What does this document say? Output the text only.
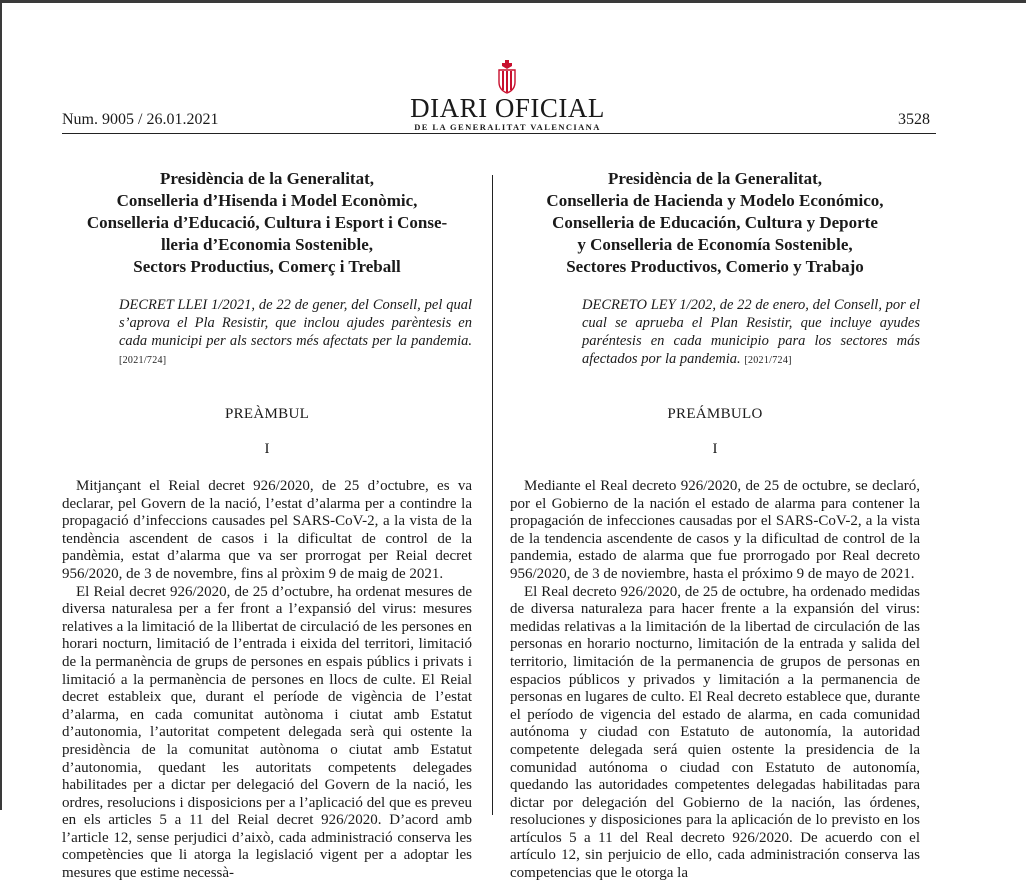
Num. 9005 / 26.01.2021	DIARI OFICIAL
DE LA GENERALITAT VALENCIANA	3528
Presidència de la Generalitat,
Conselleria d’Hisenda i Model Econòmic,
Conselleria d’Educació, Cultura i Esport i Conse-
lleria d’Economia Sostenible,
Sectors Productius, Comerç i Treball
DECRET LLEI 1/2021, de 22 de gener, del Consell, pel qual s’aprova el Pla Resistir, que inclou ajudes parèntesis en cada municipi per als sectors més afectats per la pandemia. [2021/724]
PREÀMBUL
I

Mitjançant el Reial decret 926/2020, de 25 d’octubre, es va declarar, pel Govern de la nació, l’estat d’alarma per a contindre la propagació d’infeccions causades pel SARS-CoV-2, a la vista de la tendència ascendent de casos i la dificultat de control de la pandèmia, estat d’alarma que va ser prorrogat per Reial decret 956/2020, de 3 de novembre, fins al pròxim 9 de maig de 2021.

El Reial decret 926/2020, de 25 d’octubre, ha ordenat mesures de diversa naturalesa per a fer front a l’expansió del virus: mesures relatives a la limitació de la llibertat de circulació de les persones en horari nocturn, limitació de l’entrada i eixida del territori, limitació de la permanència de grups de persones en espais públics i privats i limitació a la permanència de persones en llocs de culte. El Reial decret estableix que, durant el període de vigència de l’estat d’alarma, en cada comunitat autònoma i ciutat amb Estatut d’autonomia, l’autoritat competent delegada serà qui ostente la presidència de la comunitat autònoma o ciutat amb Estatut d’autonomia, quedant les autoritats competents delegades habilitades per a dictar per delegació del Govern de la nació, les ordres, resolucions i disposicions per a l’aplicació del que es preveu en els articles 5 a 11 del Reial decret 926/2020. D’acord amb l’article 12, sense perjudici d’això, cada administració conserva les competències que li atorga la legislació vigent per a adoptar les mesures que estime necessà-

Presidència de la Generalitat,
Conselleria de Hacienda y Modelo Económico,
Conselleria de Educación, Cultura y Deporte
y Conselleria de Economía Sostenible,
Sectores Productivos, Comerio y Trabajo
DECRETO LEY 1/202, de 22 de enero, del Consell, por el cual se aprueba el Plan Resistir, que incluye ayudes paréntesis en cada municipio para los sectores más afectados por la pandemia. [2021/724]
PREÁMBULO
I

Mediante el Real decreto 926/2020, de 25 de octubre, se declaró, por el Gobierno de la nación el estado de alarma para contener la propagación de infecciones causadas por el SARS-CoV-2, a la vista de la tendencia ascendente de casos y la dificultad de control de la pandemia, estado de alarma que fue prorrogado por Real decreto 956/2020, de 3 de noviembre, hasta el próximo 9 de mayo de 2021.

El Real decreto 926/2020, de 25 de octubre, ha ordenado medidas de diversa naturaleza para hacer frente a la expansión del virus: medidas relativas a la limitación de la libertad de circulación de las personas en horario nocturno, limitación de la entrada y salida del territorio, limitación de la permanencia de grupos de personas en espacios públicos y privados y limitación a la permanencia de personas en lugares de culto. El Real decreto establece que, durante el período de vigencia del estado de alarma, en cada comunidad autónoma y ciudad con Estatuto de autonomía, la autoridad competente delegada será quien ostente la presidencia de la comunidad autónoma o ciudad con Estatuto de autonomía, quedando las autoridades competentes delegadas habilitadas para dictar por delegación del Gobierno de la nación, las órdenes, resoluciones y disposiciones para la aplicación de lo previsto en los artículos 5 a 11 del Real decreto 926/2020. De acuerdo con el artículo 12, sin perjuicio de ello, cada administración conserva las competencias que le otorga la
